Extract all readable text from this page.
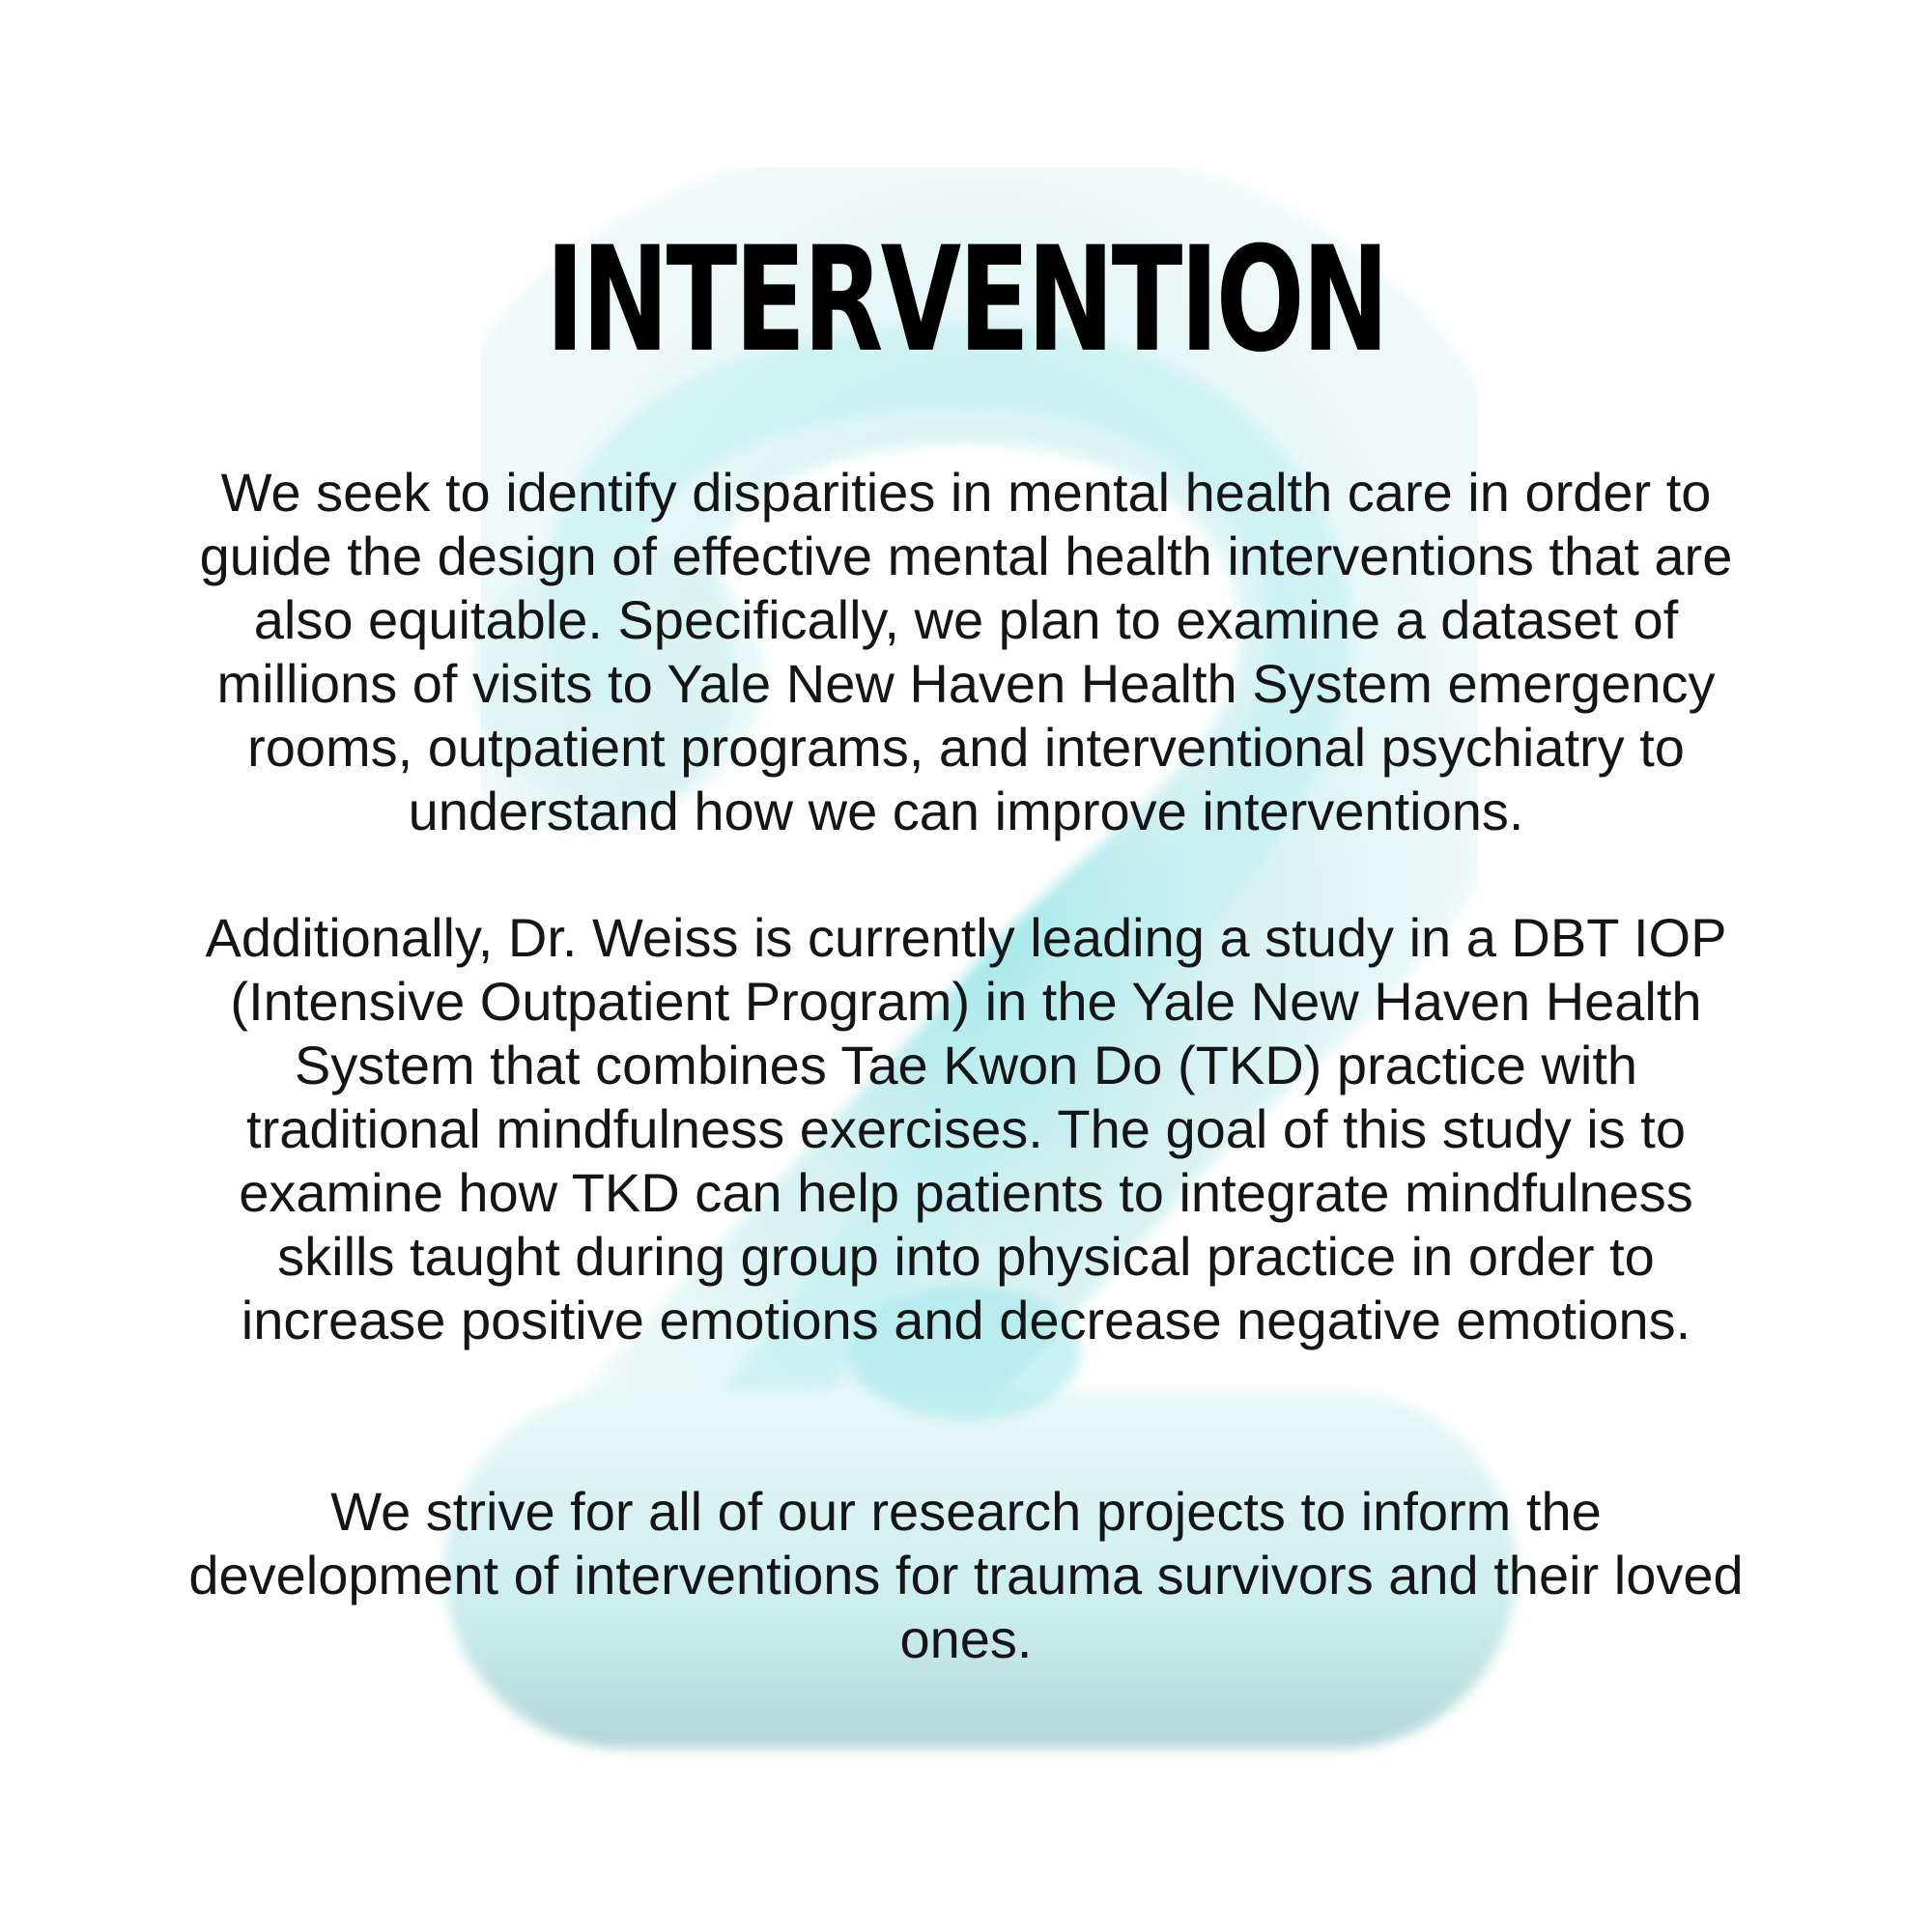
INTERVENTION

We seek to identify disparities in mental health care in order to guide the design of effective mental health interventions that are also equitable. Specifically, we plan to examine a dataset of millions of visits to Yale New Haven Health System emergency rooms, outpatient programs, and interventional psychiatry to understand how we can improve interventions.

Additionally, Dr. Weiss is currently leading a study in a DBT IOP (Intensive Outpatient Program) in the Yale New Haven Health System that combines Tae Kwon Do (TKD) practice with traditional mindfulness exercises. The goal of this study is to examine how TKD can help patients to integrate mindfulness skills taught during group into physical practice in order to increase positive emotions and decrease negative emotions.

We strive for all of our research projects to inform the development of interventions for trauma survivors and their loved ones.
